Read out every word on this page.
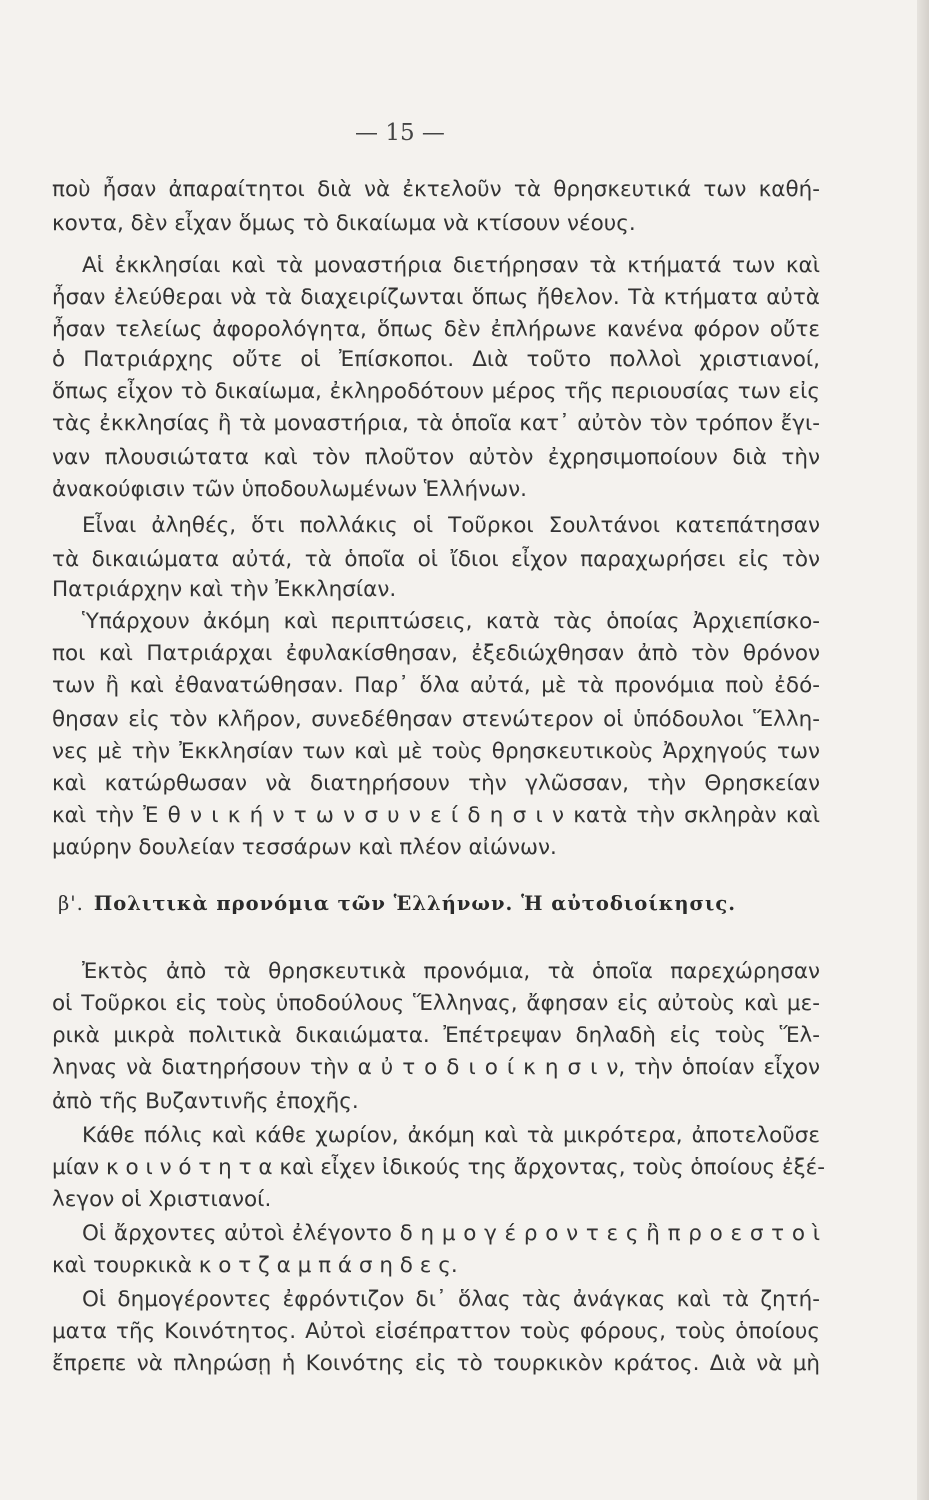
— 15 —
ποὺ ἦσαν ἀπαραίτητοι διὰ νὰ ἐκτελοῦν τὰ θρησκευτικά των καθή-
κοντα, δὲν εἶχαν ὅμως τὸ δικαίωμα νὰ κτίσουν νέους.
Αἱ ἐκκλησίαι καὶ τὰ μοναστήρια διετήρησαν τὰ κτήματά των καὶ
ἦσαν ἐλεύθεραι νὰ τὰ διαχειρίζωνται ὅπως ἤθελον. Τὰ κτήματα αὐτὰ
ἦσαν τελείως ἀφορολόγητα, ὅπως δὲν ἐπλήρωνε κανένα φόρον οὔτε
ὁ Πατριάρχης οὔτε οἱ Ἐπίσκοποι. Διὰ τοῦτο πολλοὶ χριστιανοί,
ὅπως εἶχον τὸ δικαίωμα, ἐκληροδότουν μέρος τῆς περιουσίας των εἰς
τὰς ἐκκλησίας ἢ τὰ μοναστήρια, τὰ ὁποῖα κατ᾽ αὐτὸν τὸν τρόπον ἔγι-
ναν πλουσιώτατα καὶ τὸν πλοῦτον αὐτὸν ἐχρησιμοποίουν διὰ τὴν
ἀνακούφισιν τῶν ὑποδουλωμένων Ἑλλήνων.
Εἶναι ἀληθές, ὅτι πολλάκις οἱ Τοῦρκοι Σουλτάνοι κατεπάτησαν
τὰ δικαιώματα αὐτά, τὰ ὁποῖα οἱ ἴδιοι εἶχον παραχωρήσει εἰς τὸν
Πατριάρχην καὶ τὴν Ἐκκλησίαν.
Ὑπάρχουν ἀκόμη καὶ περιπτώσεις, κατὰ τὰς ὁποίας Ἀρχιεπίσκο-
ποι καὶ Πατριάρχαι ἐφυλακίσθησαν, ἐξεδιώχθησαν ἀπὸ τὸν θρόνον
των ἢ καὶ ἐθανατώθησαν. Παρ᾽ ὅλα αὐτά, μὲ τὰ προνόμια ποὺ ἐδό-
θησαν εἰς τὸν κλῆρον, συνεδέθησαν στενώτερον οἱ ὑπόδουλοι Ἕλλη-
νες μὲ τὴν Ἐκκλησίαν των καὶ μὲ τοὺς θρησκευτικοὺς Ἀρχηγούς των
καὶ κατώρθωσαν νὰ διατηρήσουν τὴν γλῶσσαν, τὴν Θρησκείαν
καὶ τὴν Ἐ θ ν ι κ ή ν τ ω ν σ υ ν ε ί δ η σ ι ν κατὰ τὴν σκληρὰν καὶ
μαύρην δουλείαν τεσσάρων καὶ πλέον αἰώνων.
β'. Πολιτικὰ προνόμια τῶν Ἑλλήνων. Ἡ αὐτοδιοίκησις.
Ἐκτὸς ἀπὸ τὰ θρησκευτικὰ προνόμια, τὰ ὁποῖα παρεχώρησαν
οἱ Τοῦρκοι εἰς τοὺς ὑποδούλους Ἕλληνας, ἄφησαν εἰς αὐτοὺς καὶ με-
ρικὰ μικρὰ πολιτικὰ δικαιώματα. Ἐπέτρεψαν δηλαδὴ εἰς τοὺς Ἕλ-
ληνας νὰ διατηρήσουν τὴν α ὐ τ ο δ ι ο ί κ η σ ι ν, τὴν ὁποίαν εἶχον
ἀπὸ τῆς Βυζαντινῆς ἐποχῆς.
Κάθε πόλις καὶ κάθε χωρίον, ἀκόμη καὶ τὰ μικρότερα, ἀποτελοῦσε
μίαν κ ο ι ν ό τ η τ α καὶ εἶχεν ἰδικούς της ἄρχοντας, τοὺς ὁποίους ἐξέ-
λεγον οἱ Χριστιανοί.
Οἱ ἄρχοντες αὐτοὶ ἐλέγοντο δ η μ ο γ έ ρ ο ν τ ε ς ἢ π ρ ο ε σ τ ο ὶ
καὶ τουρκικὰ κ ο τ ζ α μ π ά σ η δ ε ς.
Οἱ δημογέροντες ἐφρόντιζον δι᾽ ὅλας τὰς ἀνάγκας καὶ τὰ ζητή-
ματα τῆς Κοινότητος. Αὐτοὶ εἰσέπραττον τοὺς φόρους, τοὺς ὁποίους
ἔπρεπε νὰ πληρώσῃ ἡ Κοινότης εἰς τὸ τουρκικὸν κράτος. Διὰ νὰ μὴ
